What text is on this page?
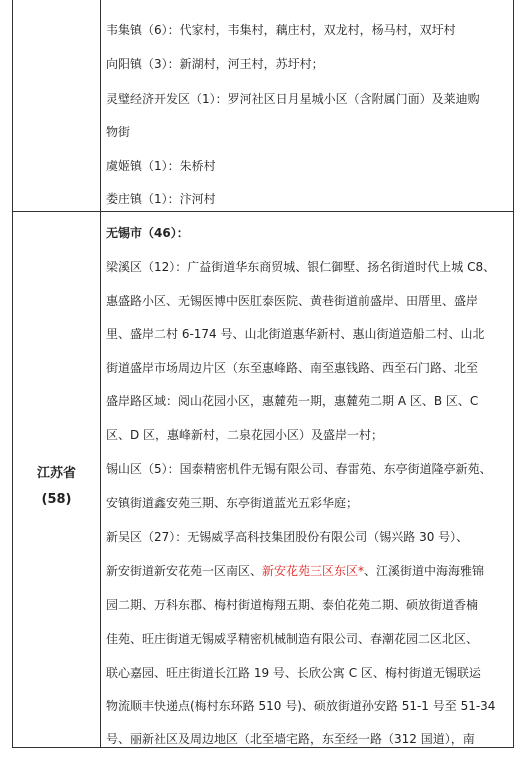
韦集镇（6）：代家村，韦集村，藕庄村，双龙村，杨马村，双圩村
向阳镇（3）：新湖村，河王村，苏圩村；
灵璧经济开发区（1）：罗河社区日月星城小区（含附属门面）及莱迪购
物街
虞姬镇（1）：朱桥村
娄庄镇（1）：汴河村
江苏省
(58)
无锡市（46）：
梁溪区（12）：广益街道华东商贸城、银仁御墅、扬名街道时代上城 C8、
惠盛路小区、无锡医博中医肛泰医院、黄巷街道前盛岸、田厝里、盛岸
里、盛岸二村 6-174 号、山北街道惠华新村、惠山街道造船二村、山北
街道盛岸市场周边片区（东至惠峰路、南至惠钱路、西至石门路、北至
盛岸路区域：阅山花园小区，惠麓苑一期，惠麓苑二期 A 区、B 区、C
区、D 区，惠峰新村，二泉花园小区）及盛岸一村；
锡山区（5）：国泰精密机件无锡有限公司、春雷苑、东亭街道隆亭新苑、
安镇街道鑫安苑三期、东亭街道蓝光五彩华庭；
新吴区（27）：无锡威孚高科技集团股份有限公司（锡兴路 30 号）、
新安街道新安花苑一区南区、新安花苑三区东区*、江溪街道中海海雅锦
园二期、万科东郡、梅村街道梅翔五期、泰伯花苑二期、硕放街道香楠
佳苑、旺庄街道无锡威孚精密机械制造有限公司、春潮花园二区北区、
联心嘉园、旺庄街道长江路 19 号、长欣公寓 C 区、梅村街道无锡联运
物流顺丰快递点(梅村东环路 510 号)、硕放街道孙安路 51-1 号至 51-34
号、丽新社区及周边地区（北至墙宅路，东至经一路（312 国道），南
